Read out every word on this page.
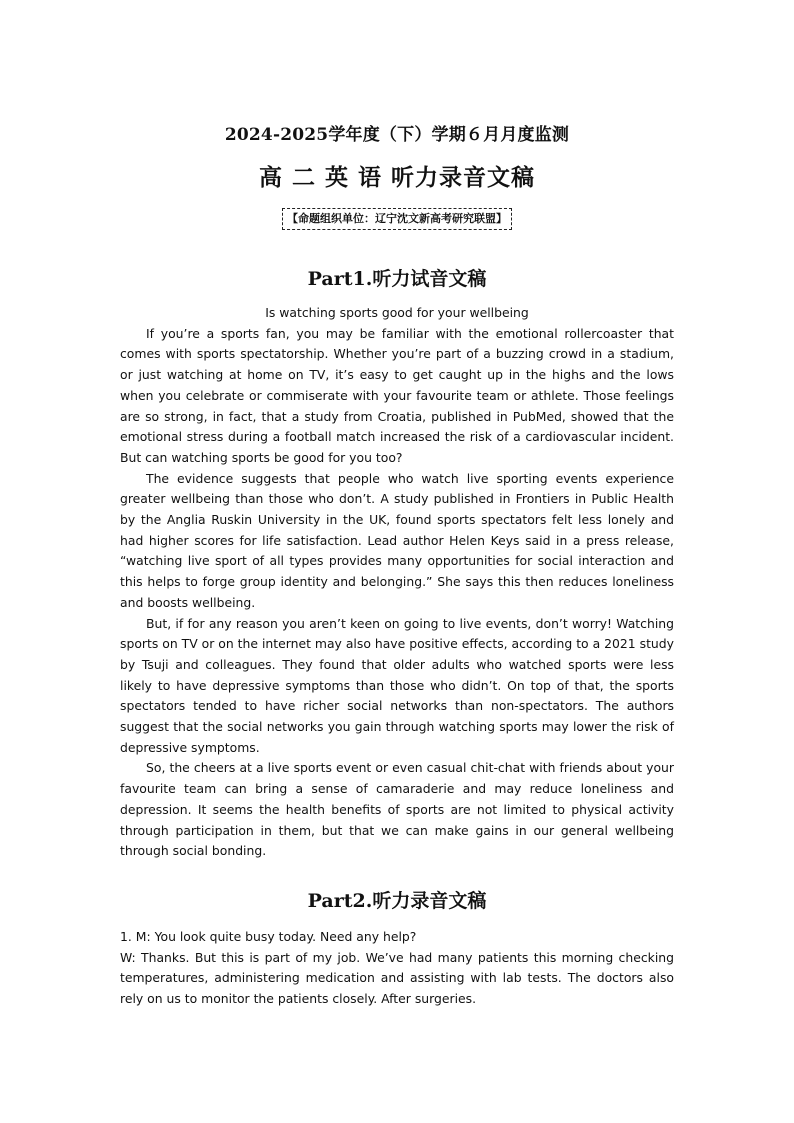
2024-2025学年度（下）学期６月月度监测
高 二 英 语 听力录音文稿
【命题组织单位：辽宁沈文新高考研究联盟】
Part1.听力试音文稿
Is watching sports good for your wellbeing

If you’re a sports fan, you may be familiar with the emotional rollercoaster that comes with sports spectatorship. Whether you’re part of a buzzing crowd in a stadium, or just watching at home on TV, it’s easy to get caught up in the highs and the lows when you celebrate or commiserate with your favourite team or athlete. Those feelings are so strong, in fact, that a study from Croatia, published in PubMed, showed that the emotional stress during a football match increased the risk of a cardiovascular incident. But can watching sports be good for you too?

The evidence suggests that people who watch live sporting events experience greater wellbeing than those who don’t. A study published in Frontiers in Public Health by the Anglia Ruskin University in the UK, found sports spectators felt less lonely and had higher scores for life satisfaction. Lead author Helen Keys said in a press release, “watching live sport of all types provides many opportunities for social interaction and this helps to forge group identity and belonging.” She says this then reduces loneliness and boosts wellbeing.

But, if for any reason you aren’t keen on going to live events, don’t worry! Watching sports on TV or on the internet may also have positive effects, according to a 2021 study by Tsuji and colleagues. They found that older adults who watched sports were less likely to have depressive symptoms than those who didn’t. On top of that, the sports spectators tended to have richer social networks than non-spectators. The authors suggest that the social networks you gain through watching sports may lower the risk of depressive symptoms.

So, the cheers at a live sports event or even casual chit-chat with friends about your favourite team can bring a sense of camaraderie and may reduce loneliness and depression. It seems the health benefits of sports are not limited to physical activity through participation in them, but that we can make gains in our general wellbeing through social bonding.

Part2.听力录音文稿

1. M: You look quite busy today. Need any help?

W: Thanks. But this is part of my job. We’ve had many patients this morning checking temperatures, administering medication and assisting with lab tests. The doctors also rely on us to monitor the patients closely. After surgeries.
